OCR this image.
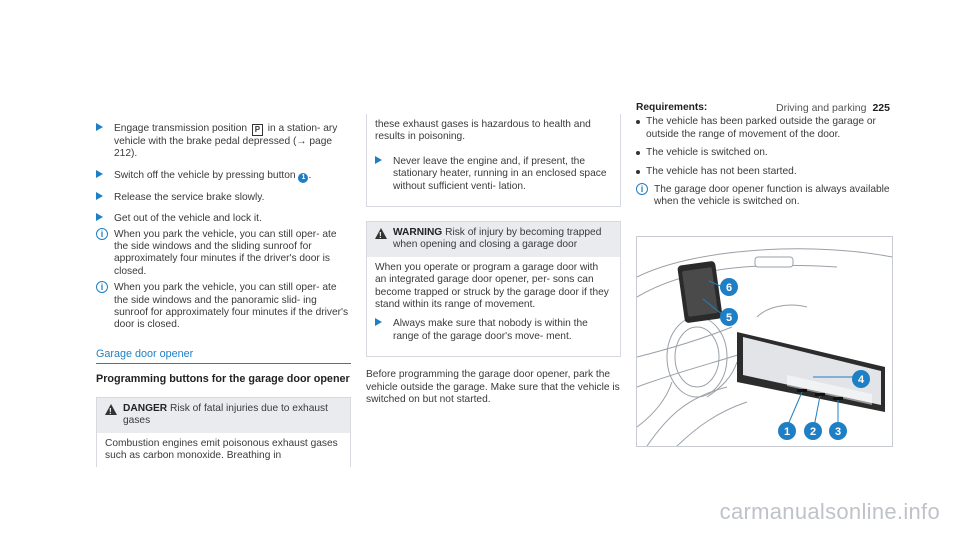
Driving and parking 225
Engage transmission position P in a station- ary vehicle with the brake pedal depressed (→ page 212).
Switch off the vehicle by pressing button 1 .
Release the service brake slowly.
Get out of the vehicle and lock it.
i	When you park the vehicle, you can still oper- ate the side windows and the sliding sunroof for approximately four minutes if the driver's door is closed.
i	When you park the vehicle, you can still oper- ate the side windows and the panoramic slid- ing sunroof for approximately four minutes if the driver's door is closed.
Garage door opener
Programming buttons for the garage door opener
!
DANGER Risk of fatal injuries due to exhaust gases
Combustion engines emit poisonous exhaust gases such as carbon monoxide. Breathing in
these exhaust gases is hazardous to health and results in poisoning.
Never leave the engine and, if present, the stationary heater, running in an enclosed space without sufficient venti- lation.
!
WARNING Risk of injury by becoming trapped when opening and closing a garage door
When you operate or program a garage door with an integrated garage door opener, per- sons can become trapped or struck by the garage door if they stand within its range of movement.
Always make sure that nobody is within the range of the garage door's move- ment.
Before programming the garage door opener, park the vehicle outside the garage. Make sure that the vehicle is switched on but not started.
Requirements:
The vehicle has been parked outside the garage or outside the range of movement of the door.
The vehicle is switched on.
The vehicle has not been started.
i	The garage door opener function is always available when the vehicle is switched on.
1 2 3
4
5
6
carmanualsonline.info
